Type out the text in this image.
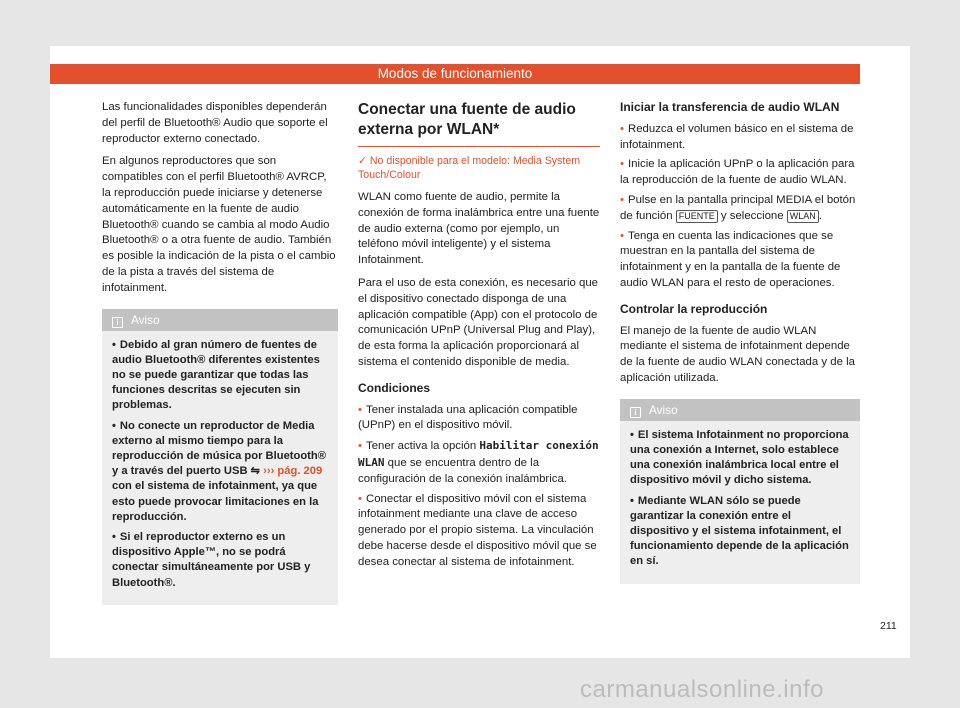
Modos de funcionamiento

Las funcionalidades disponibles dependerán del perfil de Bluetooth® Audio que soporte el reproductor externo conectado.

En algunos reproductores que son compatibles con el perfil Bluetooth® AVRCP, la reproducción puede iniciarse y detenerse automáticamente en la fuente de audio Bluetooth® cuando se cambia al modo Audio Bluetooth® o a otra fuente de audio. También es posible la indicación de la pista o el cambio de la pista a través del sistema de infotainment.

i Aviso
• Debido al gran número de fuentes de audio Bluetooth® diferentes existentes no se puede garantizar que todas las funciones descritas se ejecuten sin problemas.
• No conecte un reproductor de Media externo al mismo tiempo para la reproducción de música por Bluetooth® y a través del puerto USB ⇋ ››› pág. 209 con el sistema de infotainment, ya que esto puede provocar limitaciones en la reproducción.
• Si el reproductor externo es un dispositivo Apple™, no se podrá conectar simultáneamente por USB y Bluetooth®.
Conectar una fuente de audio externa por WLAN*
✓ No disponible para el modelo: Media System Touch/Colour

WLAN como fuente de audio, permite la conexión de forma inalámbrica entre una fuente de audio externa (como por ejemplo, un teléfono móvil inteligente) y el sistema Infotainment.

Para el uso de esta conexión, es necesario que el dispositivo conectado disponga de una aplicación compatible (App) con el protocolo de comunicación UPnP (Universal Plug and Play), de esta forma la aplicación proporcionará al sistema el contenido disponible de media.

Condiciones
• Tener instalada una aplicación compatible (UPnP) en el dispositivo móvil.
• Tener activa la opción Habilitar conexión WLAN que se encuentra dentro de la configuración de la conexión inalámbrica.
• Conectar el dispositivo móvil con el sistema infotainment mediante una clave de acceso generado por el propio sistema. La vinculación debe hacerse desde el dispositivo móvil que se desea conectar al sistema de infotainment.
Iniciar la transferencia de audio WLAN
• Reduzca el volumen básico en el sistema de infotainment.
• Inicie la aplicación UPnP o la aplicación para la reproducción de la fuente de audio WLAN.
• Pulse en la pantalla principal MEDIA el botón de función FUENTE y seleccione WLAN .
• Tenga en cuenta las indicaciones que se muestran en la pantalla del sistema de infotainment y en la pantalla de la fuente de audio WLAN para el resto de operaciones.
Controlar la reproducción

El manejo de la fuente de audio WLAN mediante el sistema de infotainment depende de la fuente de audio WLAN conectada y de la aplicación utilizada.

i Aviso
• El sistema Infotainment no proporciona una conexión a Internet, solo establece una conexión inalámbrica local entre el dispositivo móvil y dicho sistema.
• Mediante WLAN sólo se puede garantizar la conexión entre el dispositivo y el sistema infotainment, el funcionamiento depende de la aplicación en sí.
211
carmanualsonline.info
